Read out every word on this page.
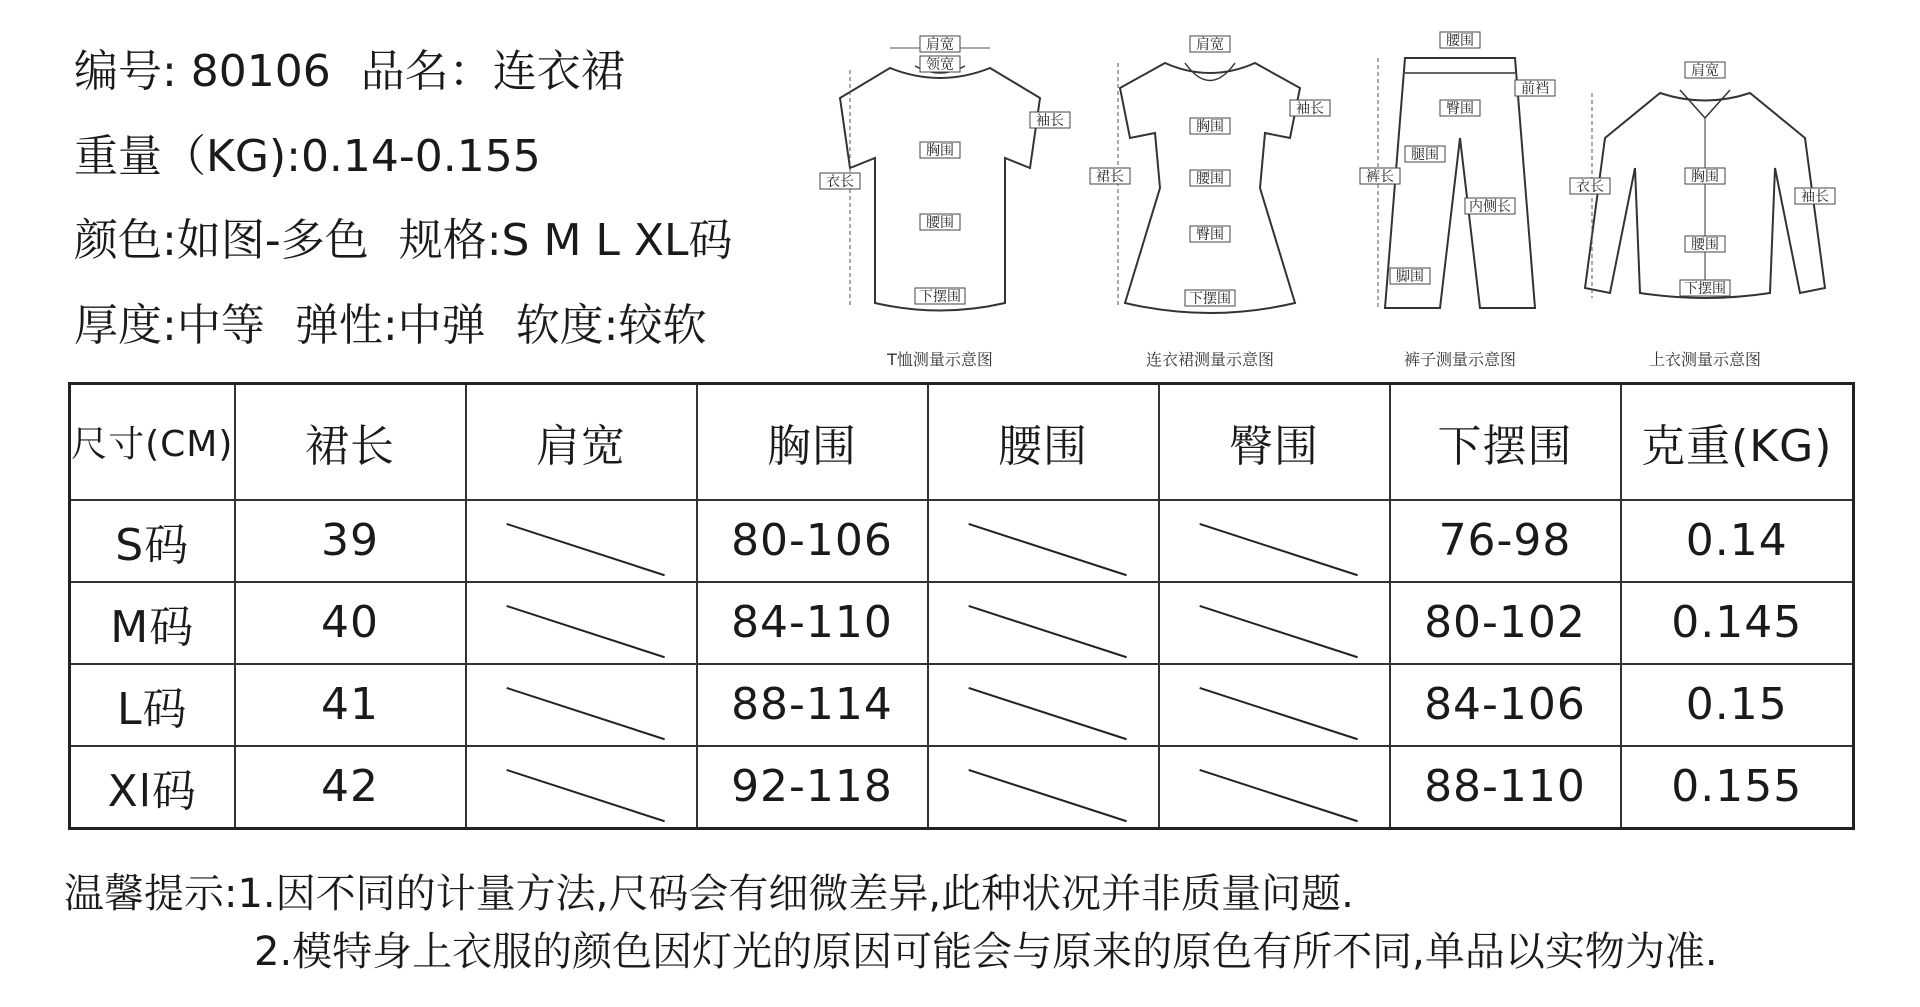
编号: 80106 品名：连衣裙
重量（KG):0.14-0.155
颜色:如图-多色 规格:S M L XL码
厚度:中等 弹性:中弹 软度:较软
肩宽
领宽
袖长
胸围
衣长
腰围
下摆围
T恤测量示意图
肩宽
袖长
胸围
裙长	腰围
臀围
下摆围
连衣裙测量示意图
腰围
前裆
臀围
裤长
腿围
内侧长
脚围
裤子测量示意图
肩宽
衣长
胸围
袖长
腰围
下摆围
上衣测量示意图
尺寸(CM)	裙长	肩宽	胸围	腰围	臀围	下摆围	克重(KG)
S码	39		80-106			76-98	0.14
M码	40		84-110			80-102	0.145
L码	41		88-114			84-106	0.15
Xl码	42		92-118			88-110	0.155
温馨提示:1.因不同的计量方法,尺码会有细微差异,此种状况并非质量问题.
2.模特身上衣服的颜色因灯光的原因可能会与原来的原色有所不同,单品以实物为准.
